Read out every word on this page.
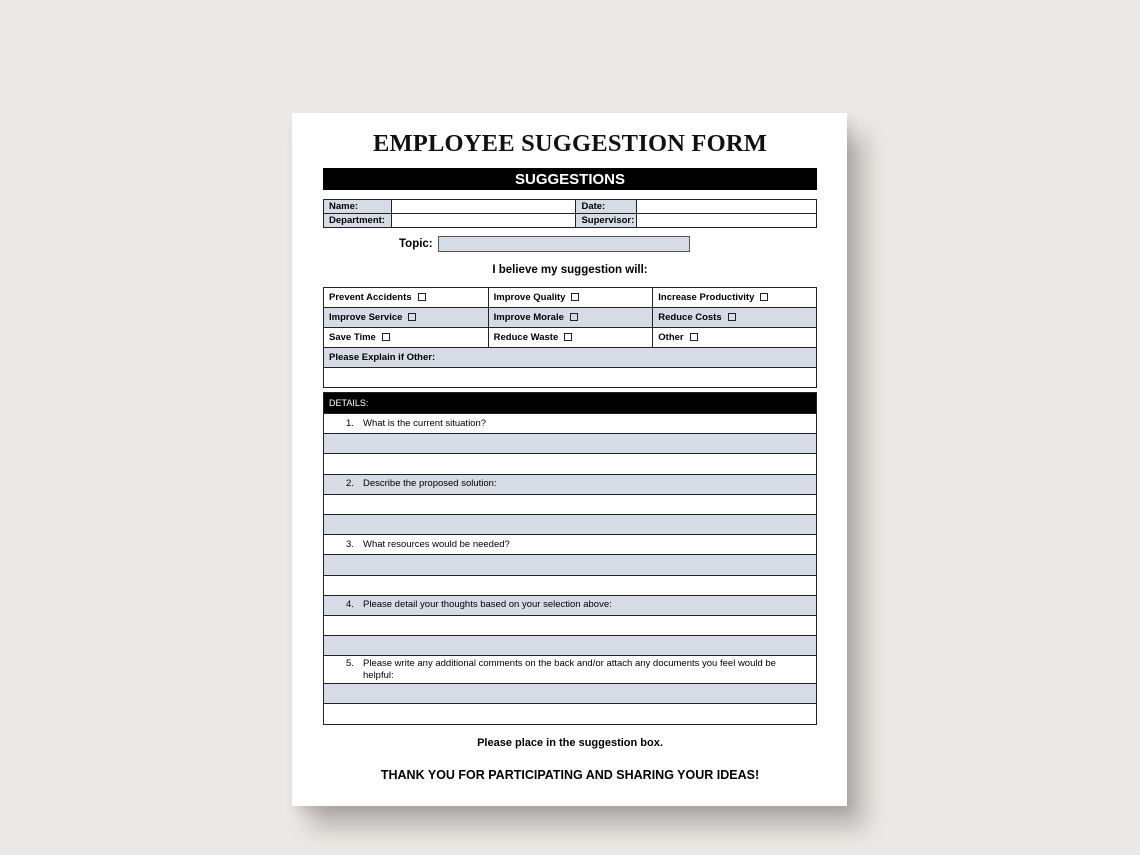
EMPLOYEE SUGGESTION FORM
SUGGESTIONS
Name:		Date:	
Department:		Supervisor:	
Topic:
I believe my suggestion will:
Prevent Accidents	Improve Quality	Increase Productivity
Improve Service	Improve Morale	Reduce Costs
Save Time	Reduce Waste	Other
Please Explain if Other:		

DETAILS:

1. What is the current situation?

2. Describe the proposed solution:

3. What resources would be needed?

4. Please detail your thoughts based on your selection above:

5. Please write any additional comments on the back and/or attach any documents you feel would be helpful:

Please place in the suggestion box.
THANK YOU FOR PARTICIPATING AND SHARING YOUR IDEAS!
